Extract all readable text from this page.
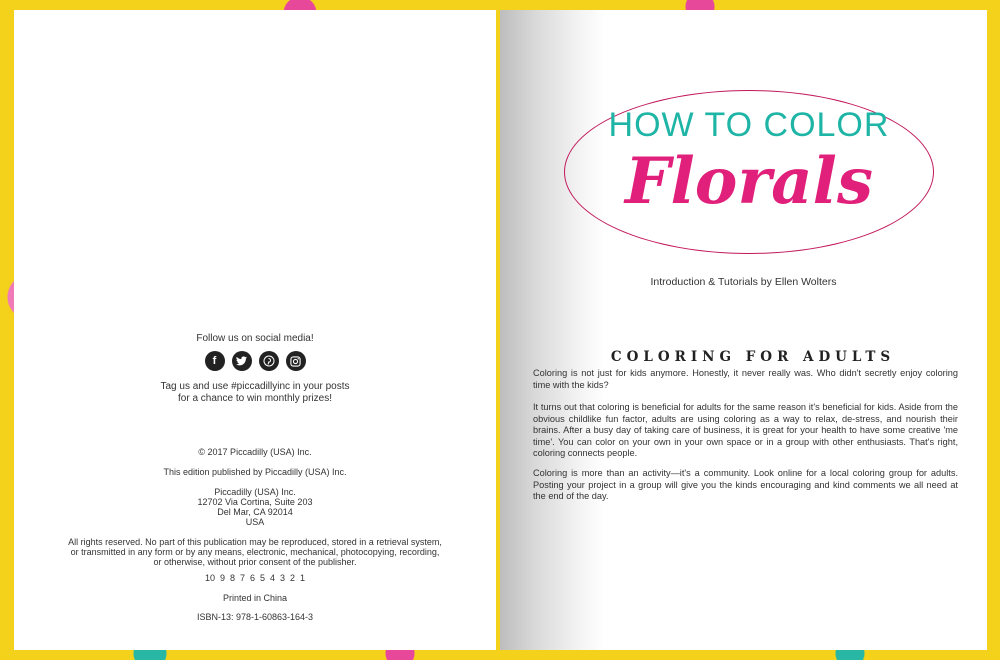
Follow us on social media!
f
Tag us and use #piccadillyinc in your posts
for a chance to win monthly prizes!
© 2017 Piccadilly (USA) Inc.
This edition published by Piccadilly (USA) Inc.
Piccadilly (USA) Inc.
12702 Via Cortina, Suite 203
Del Mar, CA 92014
USA
All rights reserved. No part of this publication may be reproduced, stored in a retrieval system,
or transmitted in any form or by any means, electronic, mechanical, photocopying, recording,
or otherwise, without prior consent of the publisher.
10  9  8  7  6  5  4  3  2  1
Printed in China
ISBN-13: 978-1-60863-164-3
HOW TO COLOR
Florals
Introduction & Tutorials by Ellen Wolters
COLORING FOR ADULTS

Coloring is not just for kids anymore. Honestly, it never really was. Who didn't secretly enjoy coloring time with the kids?

It turns out that coloring is beneficial for adults for the same reason it's beneficial for kids. Aside from the obvious childlike fun factor, adults are using coloring as a way to relax, de-stress, and nourish their brains. After a busy day of taking care of business, it is great for your health to have some creative 'me time'. You can color on your own in your own space or in a group with other enthusiasts. That's right, coloring connects people.

Coloring is more than an activity—it's a community. Look online for a local coloring group for adults. Posting your project in a group will give you the kinds encouraging and kind comments we all need at the end of the day.
